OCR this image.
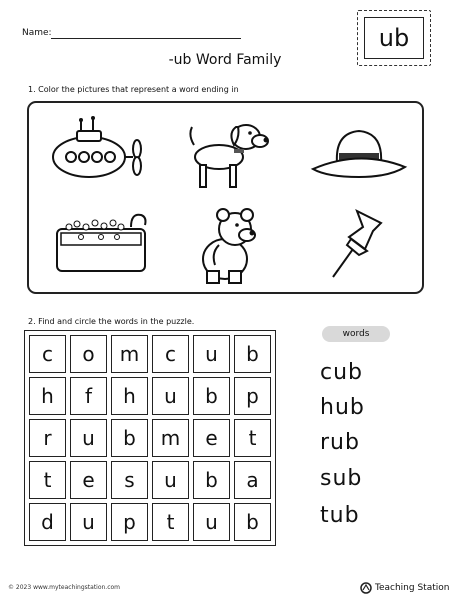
Name:
-ub Word Family
ub
1. Color the pictures that represent a word ending in
2. Find and circle the words in the puzzle.
c	o	m	c	u	b
h	f	h	u	b	p
r	u	b	m	e	t
t	e	s	u	b	a
d	u	p	t	u	b
words
cub
hub
rub
sub
tub
© 2023 www.myteachingstation.com	Teaching Station
